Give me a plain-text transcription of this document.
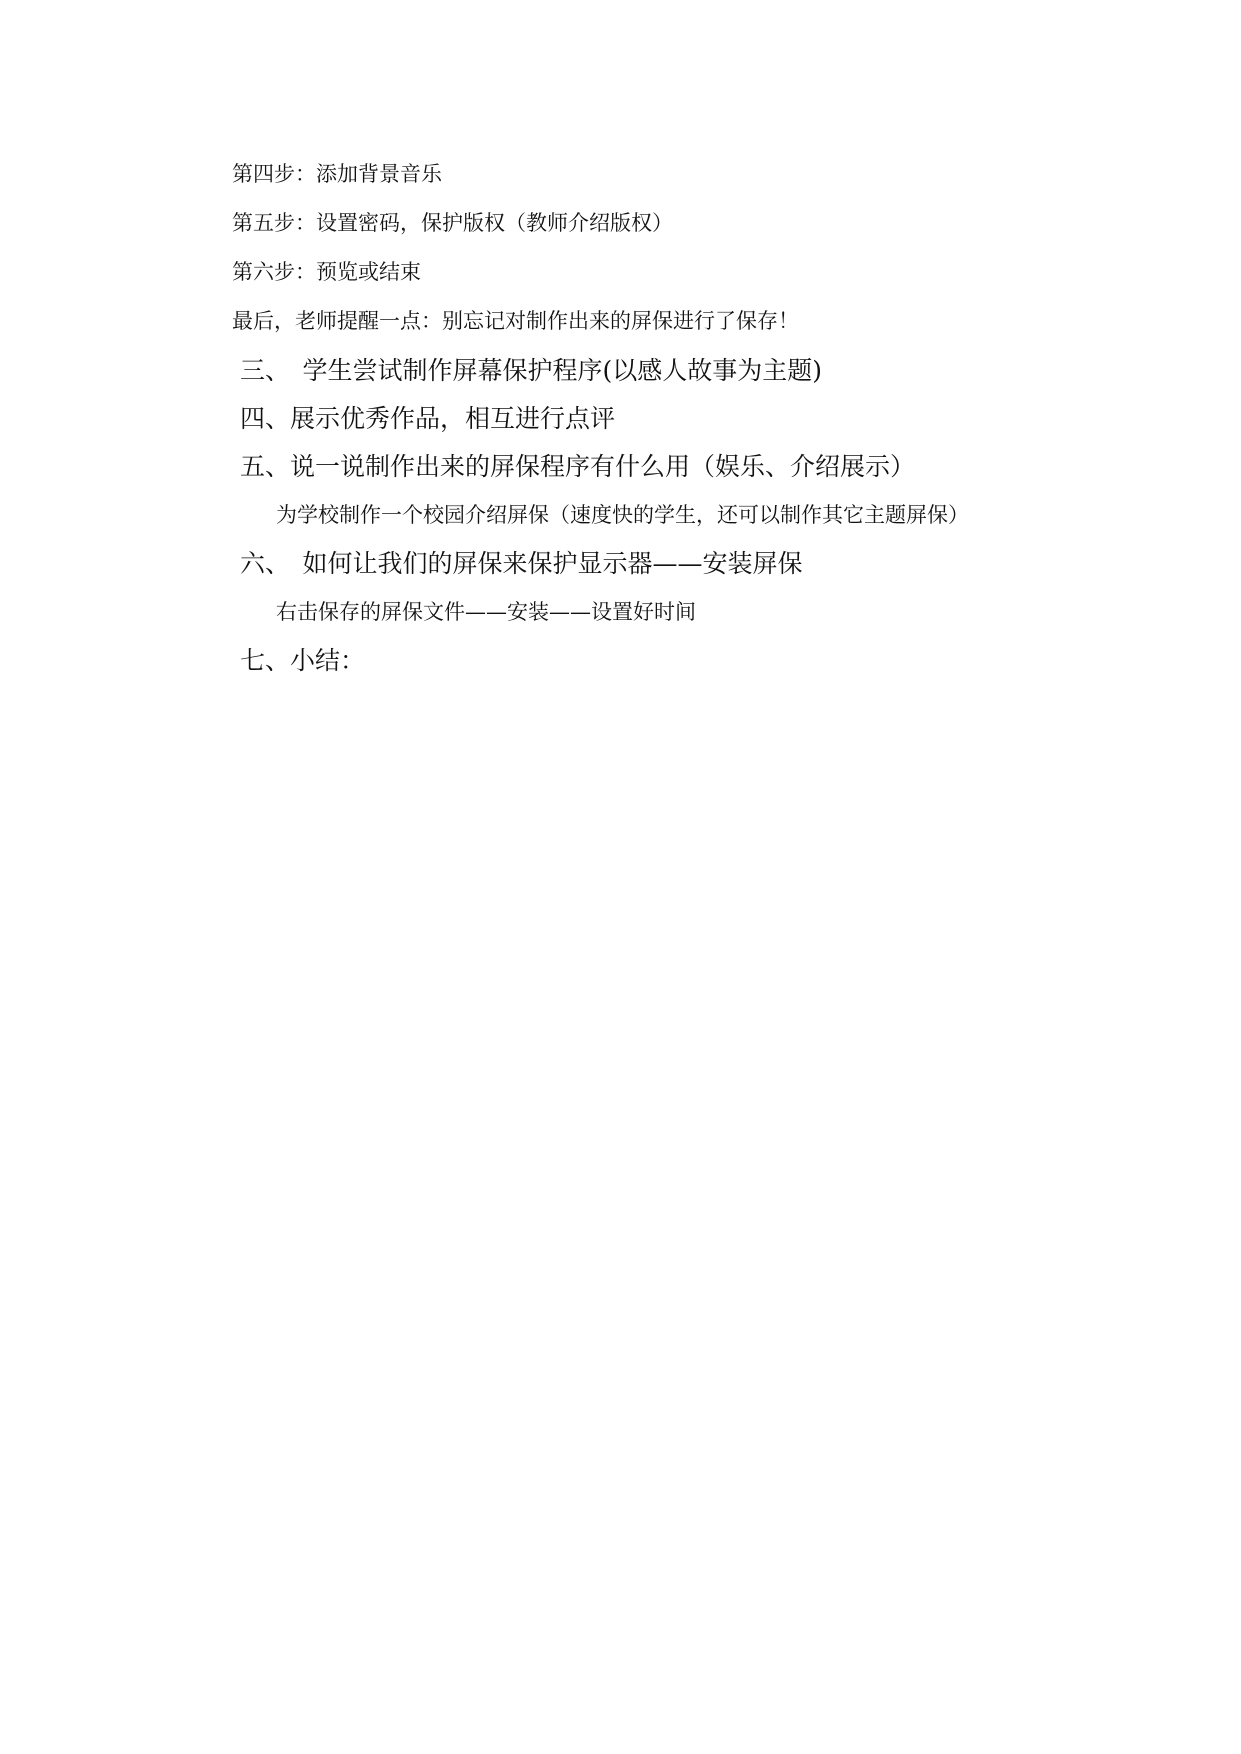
第四步：添加背景音乐
第五步：设置密码，保护版权（教师介绍版权）
第六步：预览或结束
最后，老师提醒一点：别忘记对制作出来的屏保进行了保存！
三、　学生尝试制作屏幕保护程序(以感人故事为主题)
四、展示优秀作品，相互进行点评
五、说一说制作出来的屏保程序有什么用（娱乐、介绍展示）
为学校制作一个校园介绍屏保（速度快的学生，还可以制作其它主题屏保）
六、　如何让我们的屏保来保护显示器——安装屏保
右击保存的屏保文件——安装——设置好时间
七、小结：
